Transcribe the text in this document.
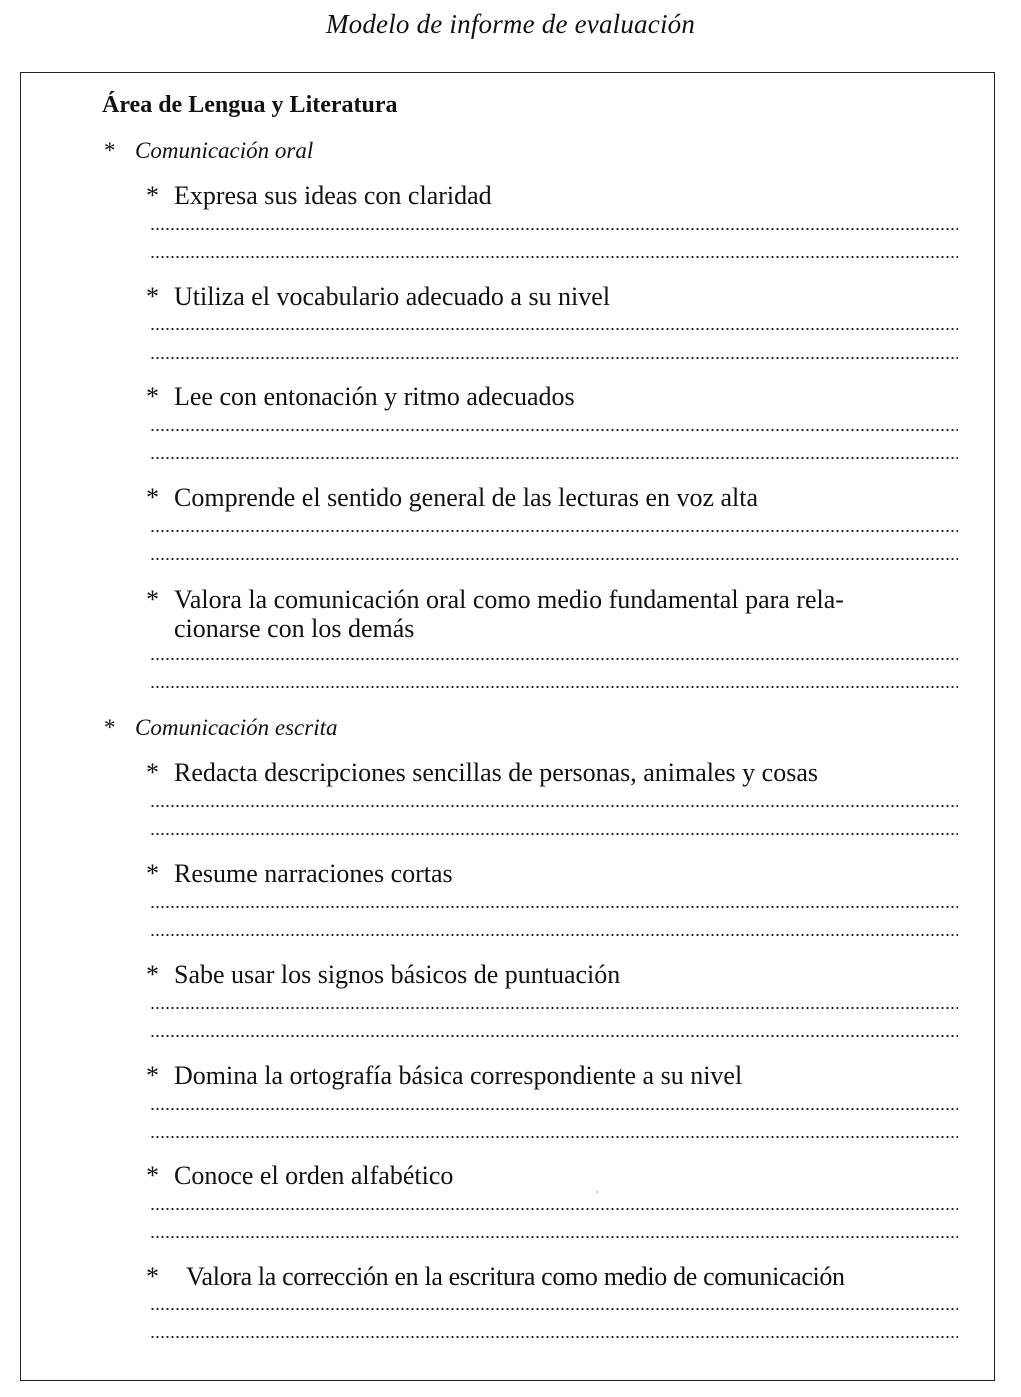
Modelo de informe de evaluación
Área de Lengua y Literatura
* Comunicación oral
* Expresa sus ideas con claridad
* Utiliza el vocabulario adecuado a su nivel
* Lee con entonación y ritmo adecuados
* Comprende el sentido general de las lecturas en voz alta
* Valora la comunicación oral como medio fundamental para rela-
cionarse con los demás
* Comunicación escrita
* Redacta descripciones sencillas de personas, animales y cosas
* Resume narraciones cortas
* Sabe usar los signos básicos de puntuación
* Domina la ortografía básica correspondiente a su nivel
* Conoce el orden alfabético
*	Valora la corrección en la escritura como medio de comunicación
